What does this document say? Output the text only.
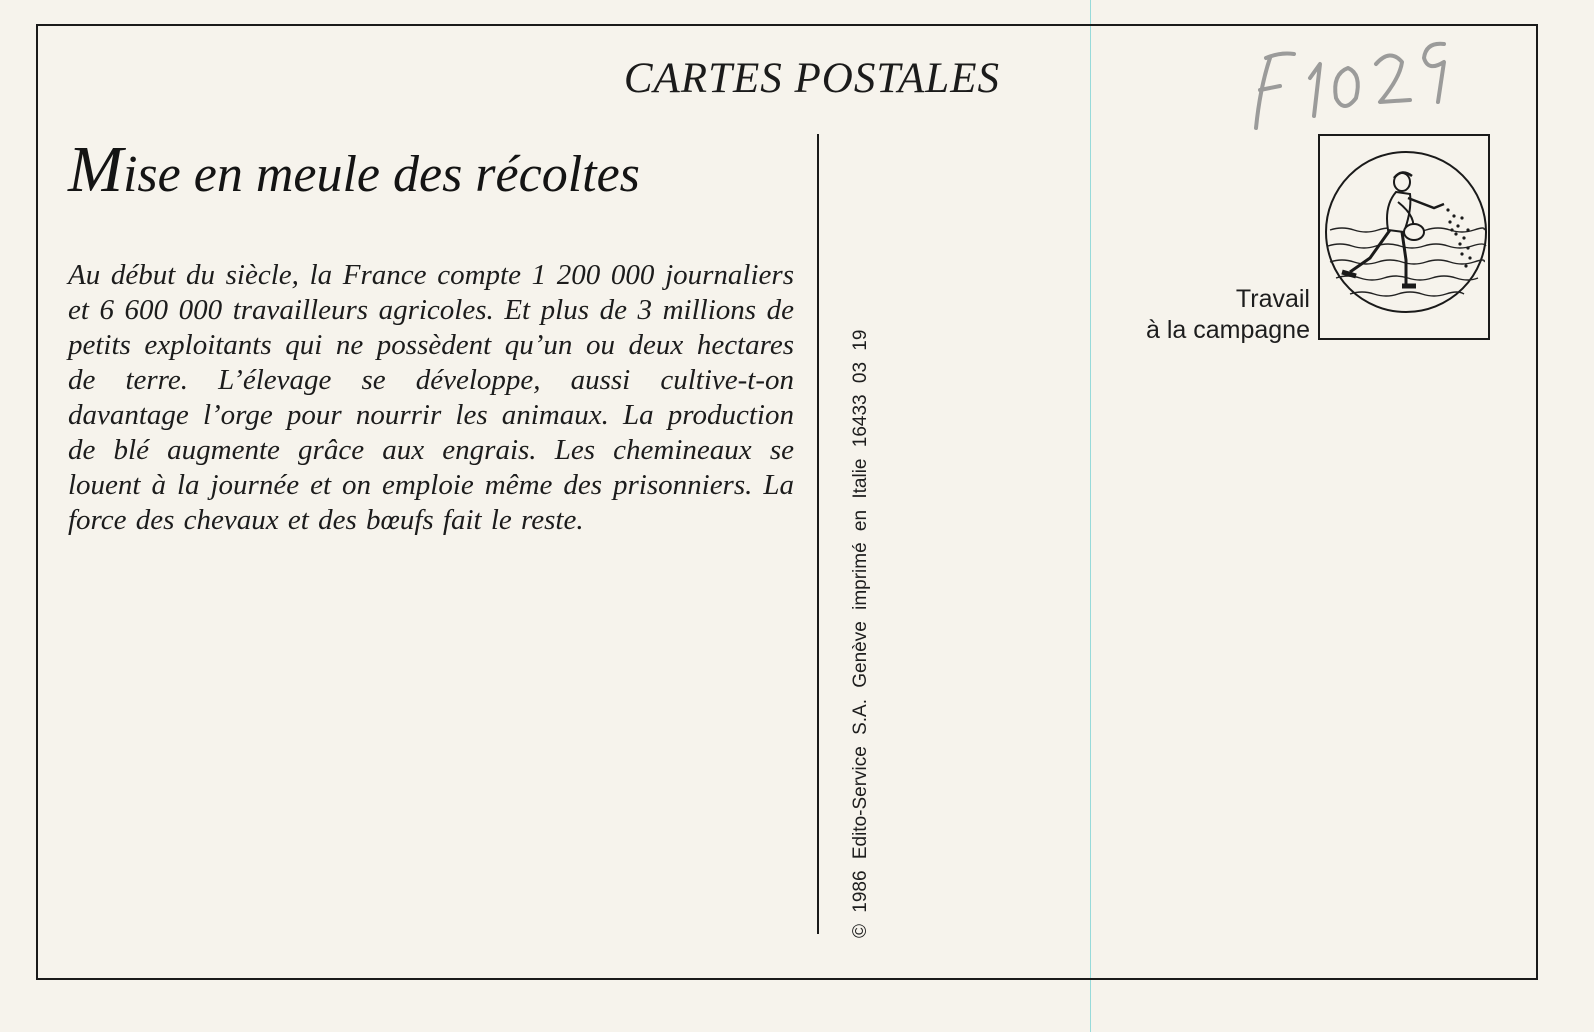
CARTES POSTALES
Mise en meule des récoltes
Au début du siècle, la France compte 1 200 000 journaliers et 6 600 000 travailleurs agricoles. Et plus de 3 millions de petits exploitants qui ne possèdent qu’un ou deux hectares de terre. L’élevage se développe, aussi cultive-t-on davantage l’orge pour nourrir les animaux. La production de blé augmente grâce aux engrais. Les chemineaux se louent à la journée et on emploie même des prisonniers. La force des chevaux et des bœufs fait le reste.	© 1986 Edito-Service S.A. Genève imprimé en Italie 16433 03 19
Travail
à la campagne
